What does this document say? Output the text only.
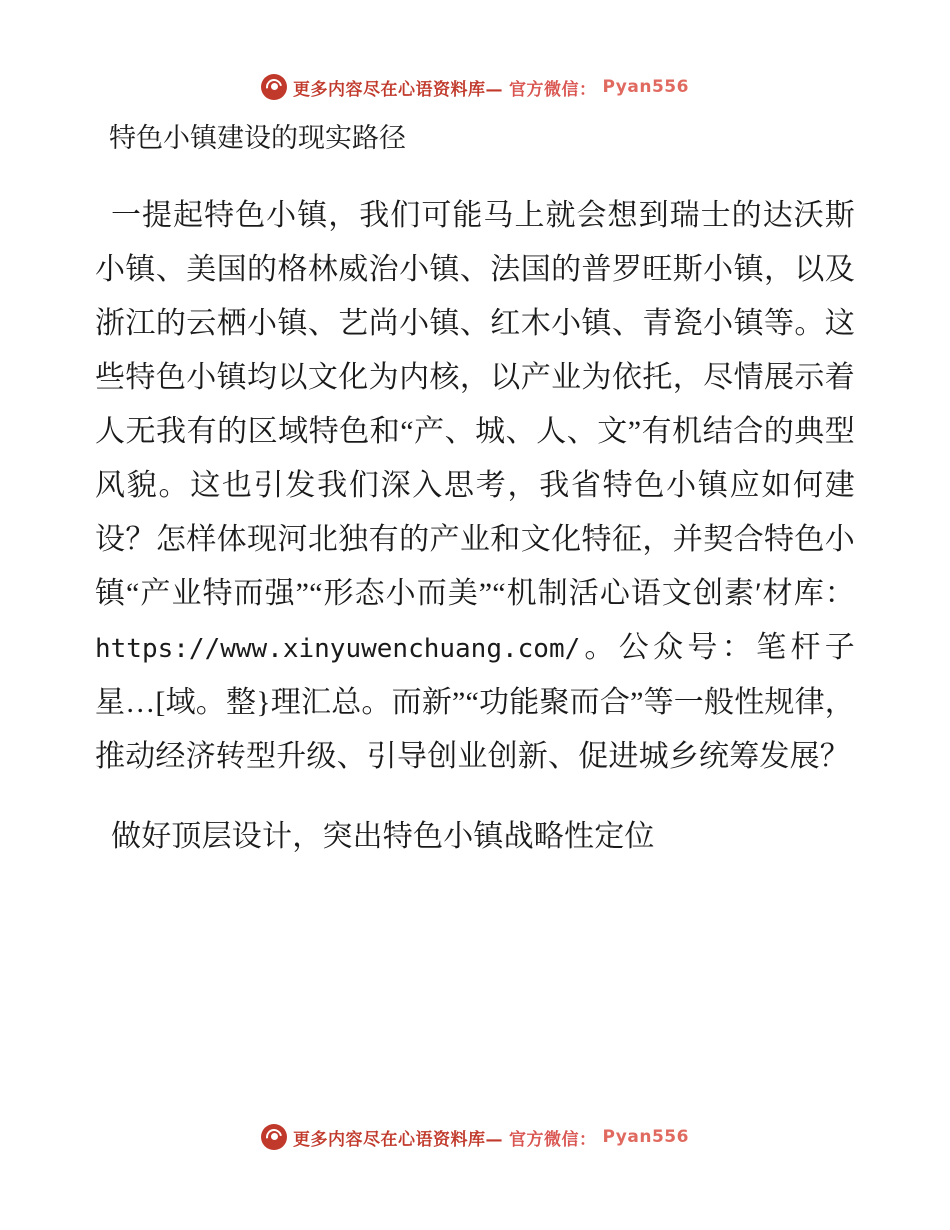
更多内容尽在心语资料库— 官方微信： Pyan556
特色小镇建设的现实路径

一提起特色小镇，我们可能马上就会想到瑞士的达沃斯小镇、美国的格林威治小镇、法国的普罗旺斯小镇，以及浙江的云栖小镇、艺尚小镇、红木小镇、青瓷小镇等。这些特色小镇均以文化为内核，以产业为依托，尽情展示着人无我有的区域特色和“产、城、人、文”有机结合的典型风貌。这也引发我们深入思考，我省特色小镇应如何建设？怎样体现河北独有的产业和文化特征，并契合特色小镇“产业特而强”“形态小而美”“机制活心语文创素′材库：https://www.xinyuwenchuang.com/。公众号：笔杆子星…[域。整}理汇总。而新”“功能聚而合”等一般性规律，推动经济转型升级、引导创业创新、促进城乡统筹发展？

做好顶层设计，突出特色小镇战略性定位

更多内容尽在心语资料库— 官方微信： Pyan556
